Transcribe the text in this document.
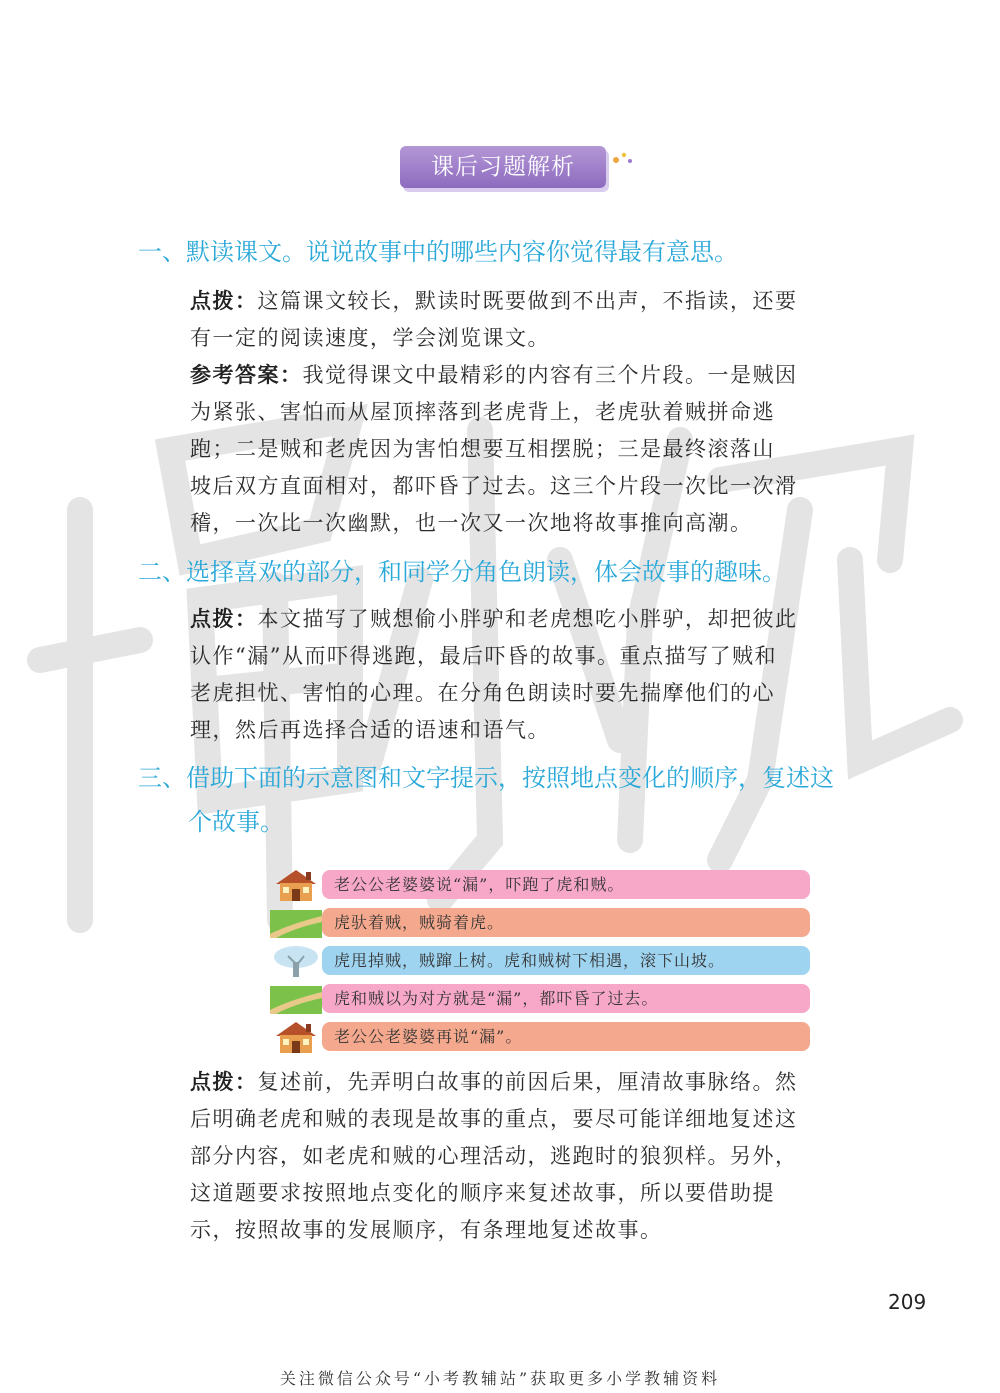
课后习题解析
一、默读课文。说说故事中的哪些内容你觉得最有意思。
点拨：这篇课文较长，默读时既要做到不出声，不指读，还要
有一定的阅读速度，学会浏览课文。
参考答案：我觉得课文中最精彩的内容有三个片段。一是贼因
为紧张、害怕而从屋顶摔落到老虎背上，老虎驮着贼拼命逃
跑；二是贼和老虎因为害怕想要互相摆脱；三是最终滚落山
坡后双方直面相对，都吓昏了过去。这三个片段一次比一次滑
稽，一次比一次幽默，也一次又一次地将故事推向高潮。
二、选择喜欢的部分，和同学分角色朗读，体会故事的趣味。
点拨：本文描写了贼想偷小胖驴和老虎想吃小胖驴，却把彼此
认作“漏”从而吓得逃跑，最后吓昏的故事。重点描写了贼和
老虎担忧、害怕的心理。在分角色朗读时要先揣摩他们的心
理，然后再选择合适的语速和语气。
三、借助下面的示意图和文字提示，按照地点变化的顺序，复述这
个故事。
老公公老婆婆说“漏”，吓跑了虎和贼。
虎驮着贼，贼骑着虎。
虎甩掉贼，贼蹿上树。虎和贼树下相遇，滚下山坡。
虎和贼以为对方就是“漏”，都吓昏了过去。
老公公老婆婆再说“漏”。
点拨：复述前，先弄明白故事的前因后果，厘清故事脉络。然
后明确老虎和贼的表现是故事的重点，要尽可能详细地复述这
部分内容，如老虎和贼的心理活动，逃跑时的狼狈样。另外，
这道题要求按照地点变化的顺序来复述故事，所以要借助提
示，按照故事的发展顺序，有条理地复述故事。
209
关注微信公众号“小考教辅站”获取更多小学教辅资料
